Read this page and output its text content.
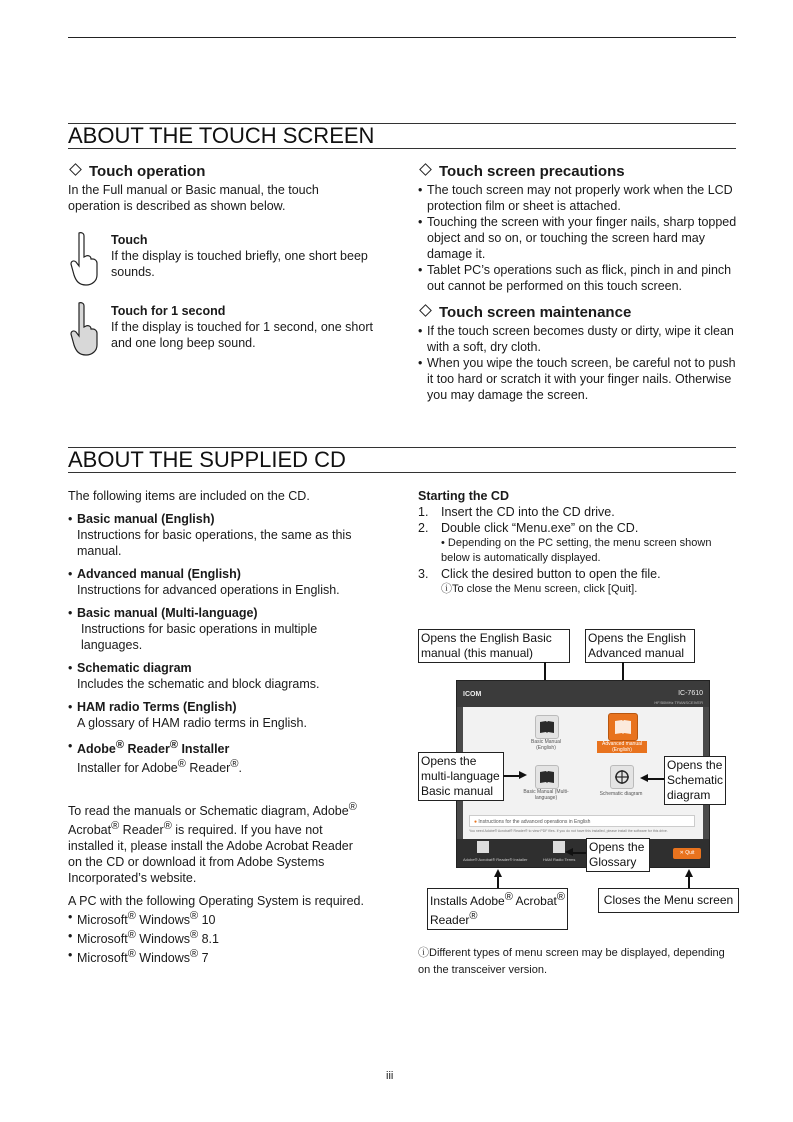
ABOUT THE TOUCH SCREEN
Touch operation

In the Full manual or Basic manual, the touch operation is described as shown below.

Touch

If the display is touched briefly, one short beep sounds.

Touch for 1 second

If the display is touched for 1 second, one short and one long beep sound.

Touch screen precautions
• The touch screen may not properly work when the LCD protection film or sheet is attached.
• Touching the screen with your finger nails, sharp topped object and so on, or touching the screen hard may damage it.
• Tablet PC’s operations such as flick, pinch in and pinch out cannot be performed on this touch screen.
Touch screen maintenance
• If the touch screen becomes dusty or dirty, wipe it clean with a soft, dry cloth.
• When you wipe the touch screen, be careful not to push it too hard or scratch it with your finger nails. Otherwise you may damage the screen.
ABOUT THE SUPPLIED CD

The following items are included on the CD.

• Basic manual (English)
Instructions for basic operations, the same as this manual.
• Advanced manual (English)
Instructions for advanced operations in English.
• Basic manual (Multi-language)
Instructions for basic operations in multiple languages.
• Schematic diagram
Includes the schematic and block diagrams.
• HAM radio Terms (English)
A glossary of HAM radio terms in English.
• Adobe® Reader® Installer
Installer for Adobe® Reader®.
To read the manuals or Schematic diagram, Adobe®
Acrobat® Reader® is required. If you have not
installed it, please install the Adobe Acrobat Reader
on the CD or download it from Adobe Systems
Incorporated’s website.

A PC with the following Operating System is required.

• Microsoft® Windows® 10
• Microsoft® Windows® 8.1
• Microsoft® Windows® 7
Starting the CD
1. Insert the CD into the CD drive.
2. Double click “Menu.exe” on the CD.
• Depending on the PC setting, the menu screen shown below is automatically displayed.
3. Click the desired button to open the file.
ⓘTo close the Menu screen, click [Quit].
Opens the English Basic manual (this manual)
Opens the English Advanced manual
ICOM	IC-7610
HF/50MHz TRANSCEIVER
Basic Manual (English)
Advanced manual (English)
Basic Manual (Multi-language)
Schematic diagram
● Instructions for the advanced operations in English
You need Adobe® Acrobat® Reader® to view PDF files. If you do not have this installed, please install the software for this drive.
Adobe® Acrobat® Reader® Installer	HAM Radio Terms
✕ Quit
Opens the multi-language Basic manual
Opens the Schematic diagram
Opens the Glossary
Installs Adobe® Acrobat®
Reader®
Closes the Menu screen
ⓘDifferent types of menu screen may be displayed, depending on the transceiver version.
iii
